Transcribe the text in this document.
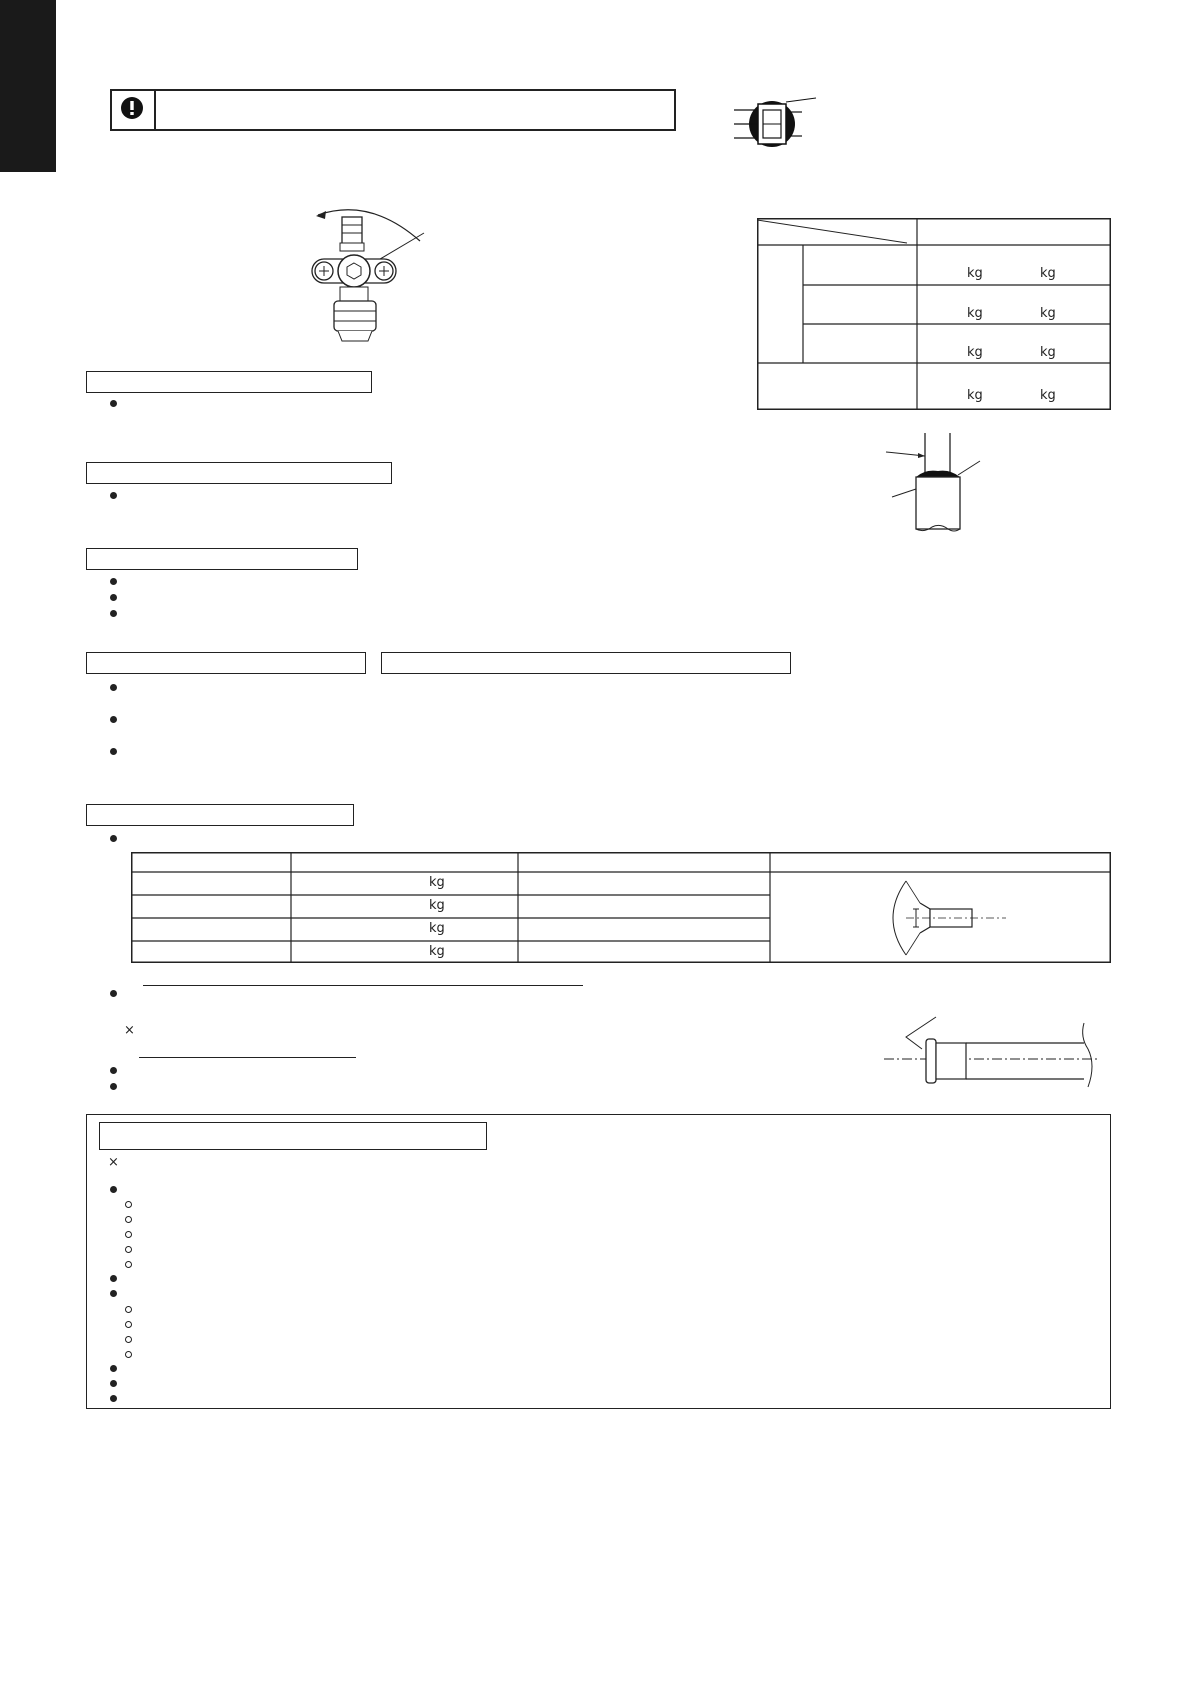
kg	kg
kg	kg
kg	kg
kg	kg
kg
kg
kg
kg
×
×
